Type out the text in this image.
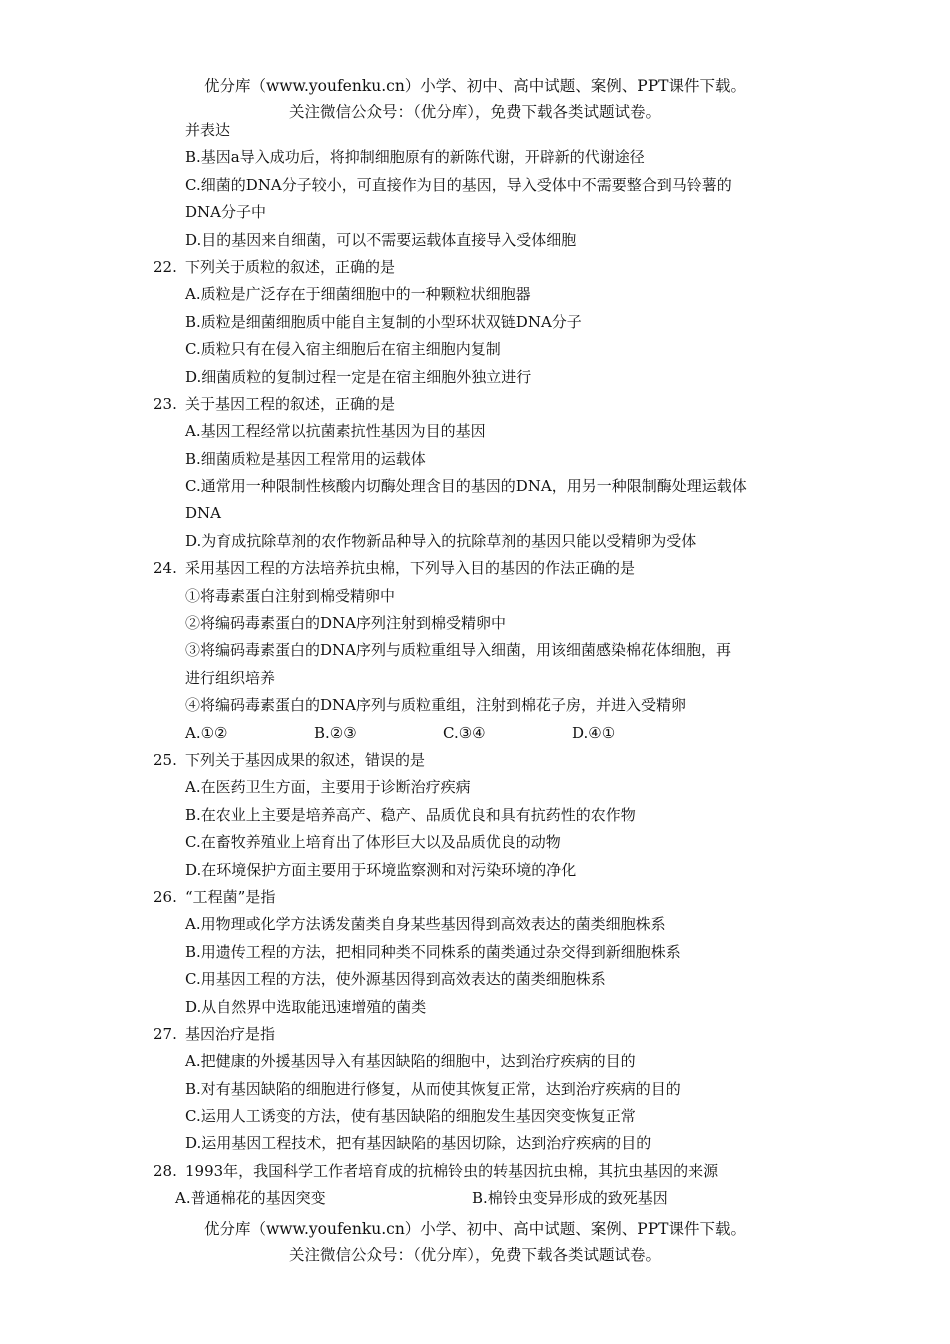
优分库（www.youfenku.cn）小学、初中、高中试题、案例、PPT课件下载。
关注微信公众号：（优分库），免费下载各类试题试卷。
并表达
B.基因a导入成功后，将抑制细胞原有的新陈代谢，开辟新的代谢途径
C.细菌的DNA分子较小，可直接作为目的基因，导入受体中不需要整合到马铃薯的
DNA分子中
D.目的基因来自细菌，可以不需要运载体直接导入受体细胞
22. 下列关于质粒的叙述，正确的是
A.质粒是广泛存在于细菌细胞中的一种颗粒状细胞器
B.质粒是细菌细胞质中能自主复制的小型环状双链DNA分子
C.质粒只有在侵入宿主细胞后在宿主细胞内复制
D.细菌质粒的复制过程一定是在宿主细胞外独立进行
23. 关于基因工程的叙述，正确的是
A.基因工程经常以抗菌素抗性基因为目的基因
B.细菌质粒是基因工程常用的运载体
C.通常用一种限制性核酸内切酶处理含目的基因的DNA，用另一种限制酶处理运载体
DNA
D.为育成抗除草剂的农作物新品种导入的抗除草剂的基因只能以受精卵为受体
24. 采用基因工程的方法培养抗虫棉，下列导入目的基因的作法正确的是
①将毒素蛋白注射到棉受精卵中
②将编码毒素蛋白的DNA序列注射到棉受精卵中
③将编码毒素蛋白的DNA序列与质粒重组导入细菌，用该细菌感染棉花体细胞，再
进行组织培养
④将编码毒素蛋白的DNA序列与质粒重组，注射到棉花子房，并进入受精卵
A.①②	B.②③	C.③④	D.④①
25. 下列关于基因成果的叙述，错误的是
A.在医药卫生方面，主要用于诊断治疗疾病
B.在农业上主要是培养高产、稳产、品质优良和具有抗药性的农作物
C.在畜牧养殖业上培育出了体形巨大以及品质优良的动物
D.在环境保护方面主要用于环境监察测和对污染环境的净化
26. “工程菌”是指
A.用物理或化学方法诱发菌类自身某些基因得到高效表达的菌类细胞株系
B.用遗传工程的方法，把相同种类不同株系的菌类通过杂交得到新细胞株系
C.用基因工程的方法，使外源基因得到高效表达的菌类细胞株系
D.从自然界中选取能迅速增殖的菌类
27. 基因治疗是指
A.把健康的外援基因导入有基因缺陷的细胞中，达到治疗疾病的目的
B.对有基因缺陷的细胞进行修复，从而使其恢复正常，达到治疗疾病的目的
C.运用人工诱变的方法，使有基因缺陷的细胞发生基因突变恢复正常
D.运用基因工程技术，把有基因缺陷的基因切除，达到治疗疾病的目的
28. 1993年，我国科学工作者培育成的抗棉铃虫的转基因抗虫棉，其抗虫基因的来源
A.普通棉花的基因突变	B.棉铃虫变异形成的致死基因
优分库（www.youfenku.cn）小学、初中、高中试题、案例、PPT课件下载。
关注微信公众号：（优分库），免费下载各类试题试卷。
